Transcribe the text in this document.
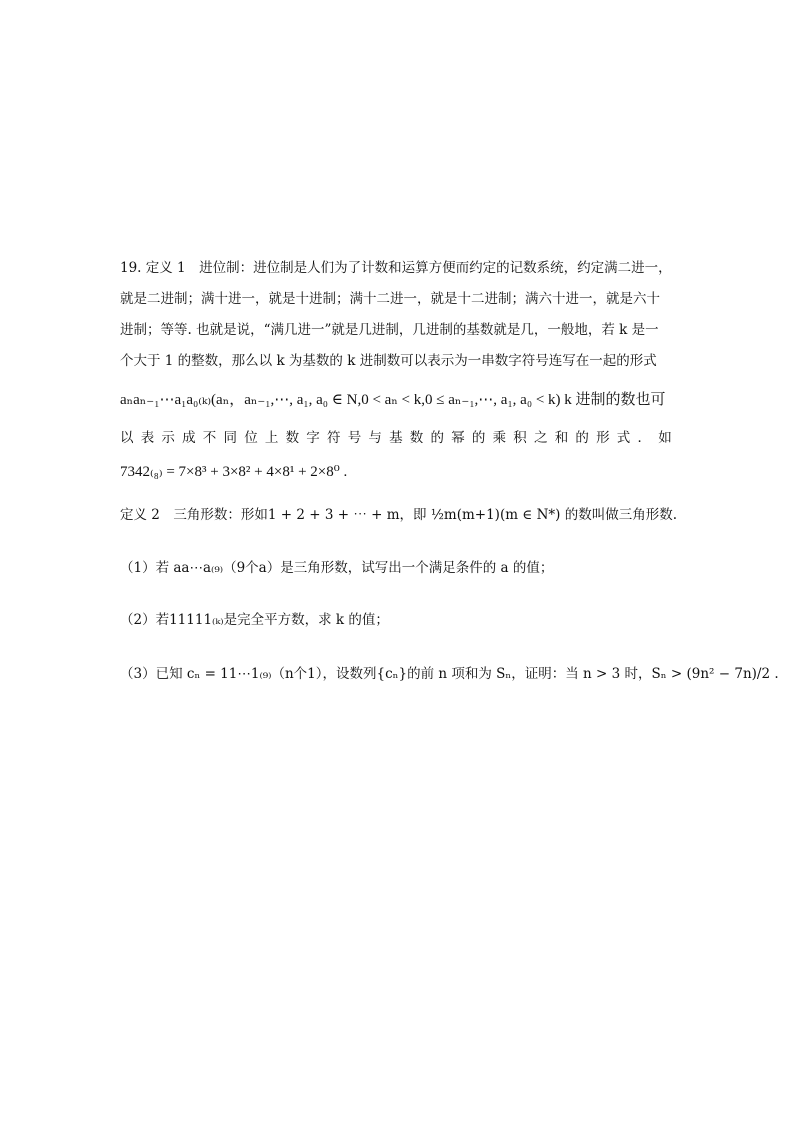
19. 定义 1　进位制：进位制是人们为了计数和运算方便而约定的记数系统，约定满二进一，
就是二进制；满十进一，就是十进制；满十二进一，就是十二进制；满六十进一，就是六十
进制；等等. 也就是说，“满几进一”就是几进制，几进制的基数就是几，一般地，若 k 是一
个大于 1 的整数，那么以 k 为基数的 k 进制数可以表示为一串数字符号连写在一起的形式
aₙaₙ₋₁⋯a₁a₀₍ₖ₎(aₙ，aₙ₋₁,⋯, a₁, a₀ ∈ N,0 < aₙ < k,0 ≤ aₙ₋₁,⋯, a₁, a₀ < k) k 进制的数也可
以表示成不同位上数字符号与基数的幂的乘积之和的形式．如
7342₍₈₎ = 7×8³ + 3×8² + 4×8¹ + 2×8⁰ .
定义 2　三角形数：形如1 + 2 + 3 + ⋯ + m，即 ½m(m+1)(m ∈ N*) 的数叫做三角形数.
（1）若 aa⋯a₍₉₎（9个a）是三角形数，试写出一个满足条件的 a 的值；
（2）若11111₍ₖ₎是完全平方数，求 k 的值；
（3）已知 cₙ = 11⋯1₍₉₎（n个1），设数列{cₙ}的前 n 项和为 Sₙ，证明：当 n > 3 时，Sₙ > (9n² − 7n)/2 .
